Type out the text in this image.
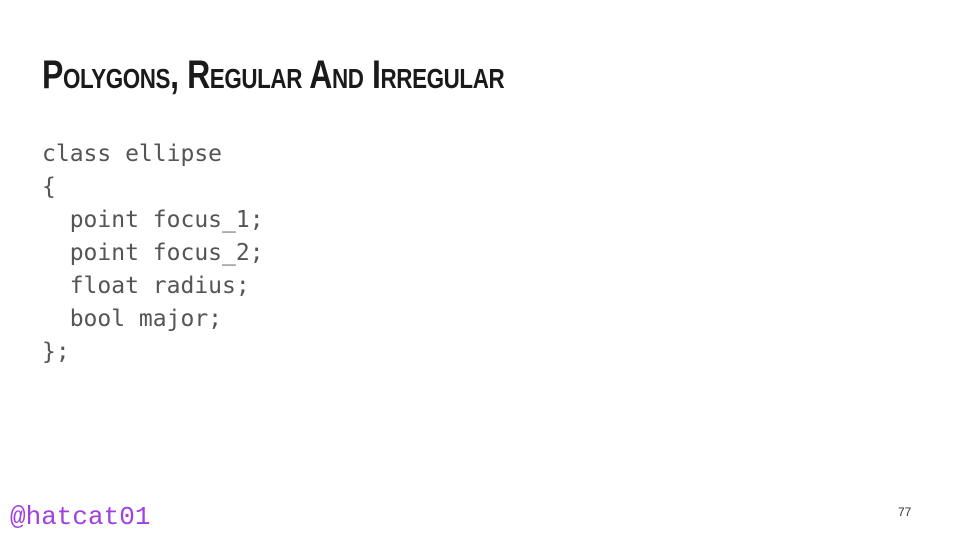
Polygons, Regular And Irregular
class ellipse
{
point focus_1;
point focus_2;
float radius;
bool major;
};
@hatcat01	77
